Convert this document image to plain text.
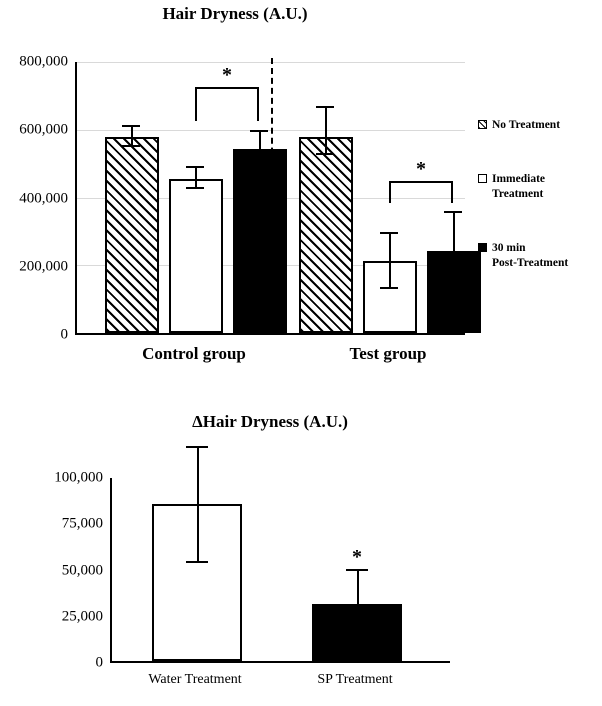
Hair Dryness (A.U.)
800,000
600,000
400,000
200,000
0
*
*
Control group	Test group
No Treatment
Immediate
Treatment
30 min
Post-Treatment
ΔHair Dryness (A.U.)
100,000
75,000
50,000
25,000
0
*
Water Treatment	SP Treatment
